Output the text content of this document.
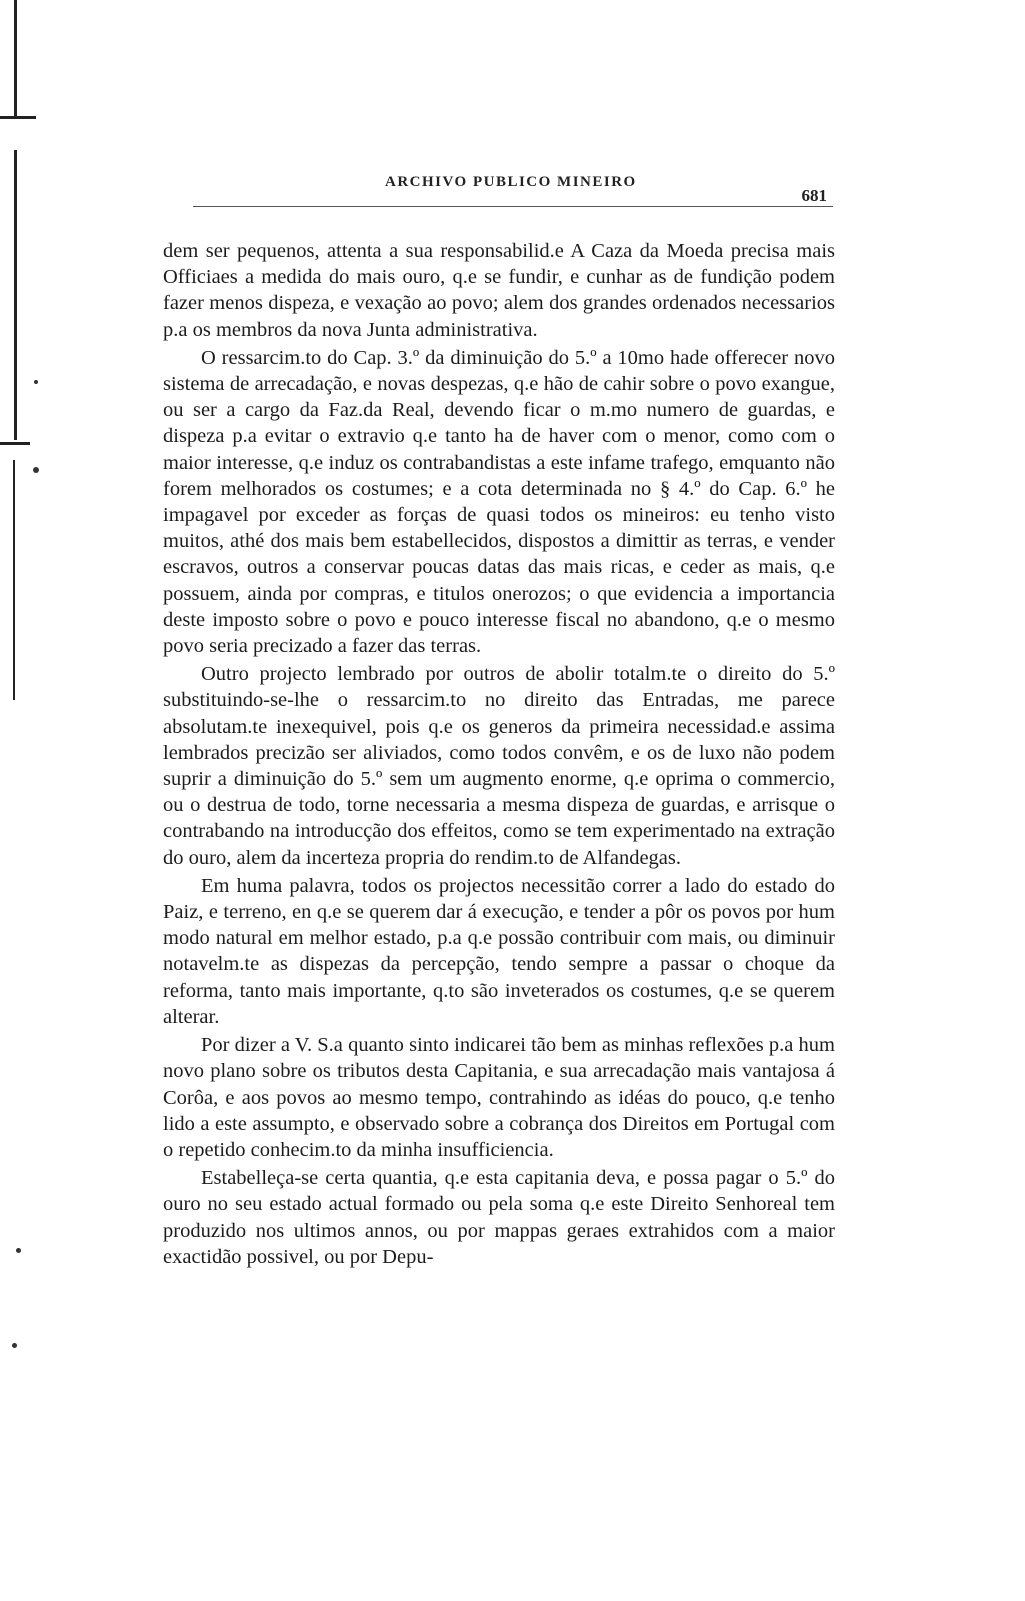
ARCHIVO PUBLICO MINEIRO
681

dem ser pequenos, attenta a sua responsabilid.e A Caza da Moeda precisa mais Officiaes a medida do mais ouro, q.e se fundir, e cunhar as de fundição podem fazer menos dispeza, e vexação ao povo; alem dos grandes ordenados necessarios p.a os membros da nova Junta administrativa.

O ressarcim.to do Cap. 3.º da diminuição do 5.º a 10mo hade offerecer novo sistema de arrecadação, e novas despezas, q.e hão de cahir sobre o povo exangue, ou ser a cargo da Faz.da Real, devendo ficar o m.mo numero de guardas, e dispeza p.a evitar o extravio q.e tanto ha de haver com o menor, como com o maior interesse, q.e induz os contrabandistas a este infame trafego, emquanto não forem melhorados os costumes; e a cota determinada no § 4.º do Cap. 6.º he impagavel por exceder as forças de quasi todos os mineiros: eu tenho visto muitos, athé dos mais bem estabellecidos, dispostos a dimittir as terras, e vender escravos, outros a conservar poucas datas das mais ricas, e ceder as mais, q.e possuem, ainda por compras, e titulos onerozos; o que evidencia a importancia deste imposto sobre o povo e pouco interesse fiscal no abandono, q.e o mesmo povo seria precizado a fazer das terras.

Outro projecto lembrado por outros de abolir totalm.te o direito do 5.º substituindo-se-lhe o ressarcim.to no direito das Entradas, me parece absolutam.te inexequivel, pois q.e os generos da primeira necessidad.e assima lembrados precizão ser aliviados, como todos convêm, e os de luxo não podem suprir a diminuição do 5.º sem um augmento enorme, q.e oprima o commercio, ou o destrua de todo, torne necessaria a mesma dispeza de guardas, e arrisque o contrabando na introducção dos effeitos, como se tem experimentado na extração do ouro, alem da incerteza propria do rendim.to de Alfandegas.

Em huma palavra, todos os projectos necessitão correr a lado do estado do Paiz, e terreno, en q.e se querem dar á execução, e tender a pôr os povos por hum modo natural em melhor estado, p.a q.e possão contribuir com mais, ou diminuir notavelm.te as dispezas da percepção, tendo sempre a passar o choque da reforma, tanto mais importante, q.to são inveterados os costumes, q.e se querem alterar.

Por dizer a V. S.a quanto sinto indicarei tão bem as minhas reflexões p.a hum novo plano sobre os tributos desta Capitania, e sua arrecadação mais vantajosa á Corôa, e aos povos ao mesmo tempo, contrahindo as idéas do pouco, q.e tenho lido a este assumpto, e observado sobre a cobrança dos Direitos em Portugal com o repetido conhecim.to da minha insufficiencia.

Estabelleça-se certa quantia, q.e esta capitania deva, e possa pagar o 5.º do ouro no seu estado actual formado ou pela soma q.e este Direito Senhoreal tem produzido nos ultimos annos, ou por mappas geraes extrahidos com a maior exactidão possivel, ou por Depu-
